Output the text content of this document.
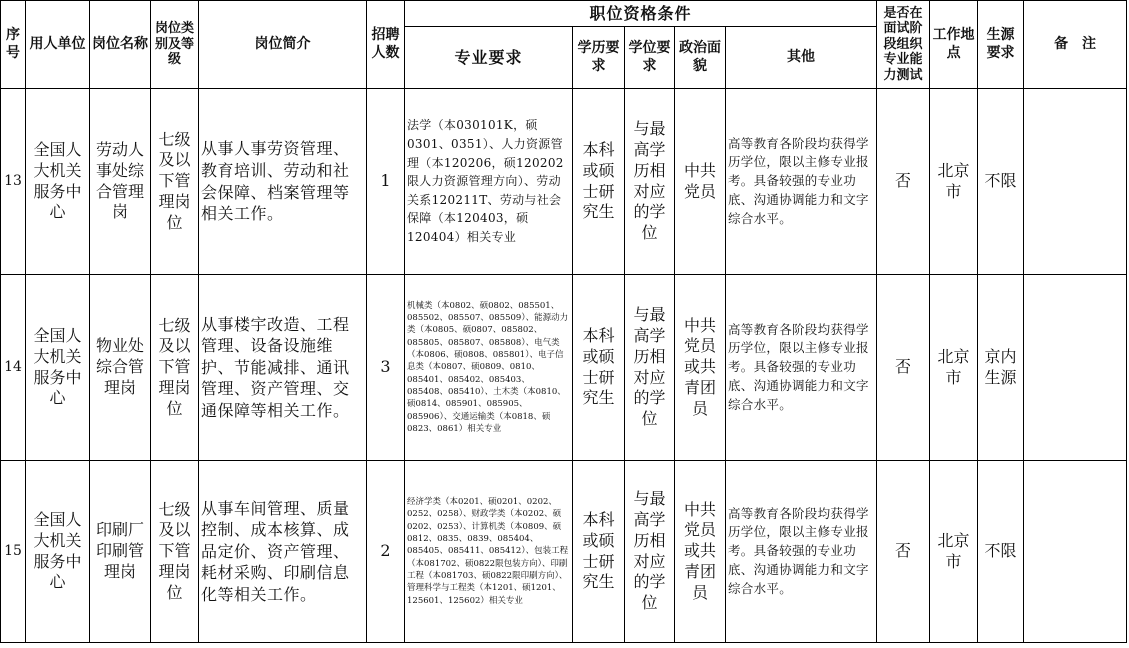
序号	用人单位	岗位名称	岗位类别及等级	岗位简介	招聘人数	职位资格条件					是否在面试阶段组织专业能力测试	工作地点	生源要求	备　注
						专业要求	学历要求	学位要求	政治面貌	其他				
13	全国人大机关服务中心	劳动人事处综合管理岗	七级及以下管理岗位	从事人事劳资管理、教育培训、劳动和社会保障、档案管理等相关工作。	1	法学（本030101K，硕0301、0351）、人力资源管理（本120206，硕120202限人力资源管理方向）、劳动关系120211T、劳动与社会保障（本120403，硕120404）相关专业	本科或硕士研究生	与最高学历相对应的学位	中共党员	高等教育各阶段均获得学历学位，限以主修专业报考。具备较强的专业功底、沟通协调能力和文字综合水平。	否	北京市	不限	
14	全国人大机关服务中心	物业处综合管理岗	七级及以下管理岗位	从事楼宇改造、工程管理、设备设施维护、节能减排、通讯管理、资产管理、交通保障等相关工作。	3	机械类（本0802、硕0802、085501、085502、085507、085509）、能源动力类（本0805、硕0807、085802、085805、085807、085808）、电气类（本0806、硕0808、085801）、电子信息类（本0807、硕0809、0810、085401、085402、085403、085408、085410）、土木类（本0810、硕0814、085901、085905、085906）、交通运输类（本0818、硕0823、0861）相关专业	本科或硕士研究生	与最高学历相对应的学位	中共党员或共青团员	高等教育各阶段均获得学历学位，限以主修专业报考。具备较强的专业功底、沟通协调能力和文字综合水平。	否	北京市	京内生源	
15	全国人大机关服务中心	印刷厂印刷管理岗	七级及以下管理岗位	从事车间管理、质量控制、成本核算、成品定价、资产管理、耗材采购、印刷信息化等相关工作。	2	经济学类（本0201、硕0201、0202、0252、0258）、财政学类（本0202、硕0202、0253）、计算机类（本0809、硕0812、0835、0839、085404、085405、085411、085412）、包装工程（本081702、硕0822限包装方向）、印刷工程（本081703、硕0822限印刷方向）、管理科学与工程类（本1201、硕1201、125601、125602）相关专业	本科或硕士研究生	与最高学历相对应的学位	中共党员或共青团员	高等教育各阶段均获得学历学位，限以主修专业报考。具备较强的专业功底、沟通协调能力和文字综合水平。	否	北京市	不限	
